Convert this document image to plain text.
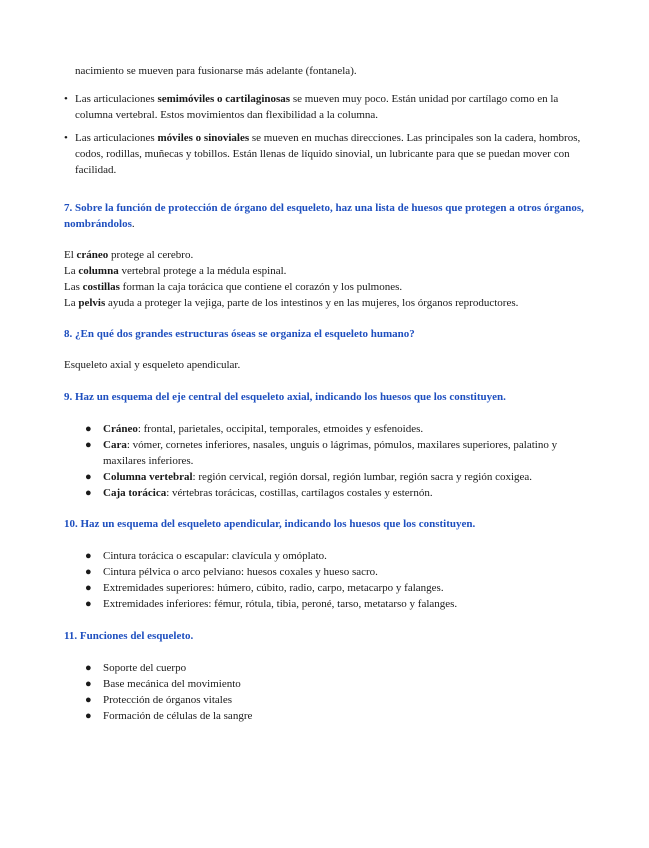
nacimiento se mueven para fusionarse más adelante (fontanela).
• Las articulaciones semimóviles o cartilaginosas se mueven muy poco. Están unidad por cartílago como en la columna vertebral. Estos movimientos dan flexibilidad a la columna.
• Las articulaciones móviles o sinoviales se mueven en muchas direcciones. Las principales son la cadera, hombros, codos, rodillas, muñecas y tobillos. Están llenas de líquido sinovial, un lubricante para que se puedan mover con facilidad.
7. Sobre la función de protección de órgano del esqueleto, haz una lista de huesos que protegen a otros órganos, nombrándolos.
El cráneo protege al cerebro.
La columna vertebral protege a la médula espinal.
Las costillas forman la caja torácica que contiene el corazón y los pulmones.
La pelvis ayuda a proteger la vejiga, parte de los intestinos y en las mujeres, los órganos reproductores.
8. ¿En qué dos grandes estructuras óseas se organiza el esqueleto humano?
Esqueleto axial y esqueleto apendicular.
9. Haz un esquema del eje central del esqueleto axial, indicando los huesos que los constituyen.
●	Cráneo: frontal, parietales, occipital, temporales, etmoides y esfenoides.
●	Cara: vómer, cornetes inferiores, nasales, unguis o lágrimas, pómulos, maxilares superiores, palatino y maxilares inferiores.
●	Columna vertebral: región cervical, región dorsal, región lumbar, región sacra y región coxigea.
●	Caja torácica: vértebras torácicas, costillas, cartílagos costales y esternón.
10. Haz un esquema del esqueleto apendicular, indicando los huesos que los constituyen.
●	Cintura torácica o escapular: clavícula y omóplato.
●	Cintura pélvica o arco pelviano: huesos coxales y hueso sacro.
●	Extremidades superiores: húmero, cúbito, radio, carpo, metacarpo y falanges.
●	Extremidades inferiores: fémur, rótula, tibia, peroné, tarso, metatarso y falanges.
11. Funciones del esqueleto.
●	Soporte del cuerpo
●	Base mecánica del movimiento
●	Protección de órganos vitales
●	Formación de células de la sangre
